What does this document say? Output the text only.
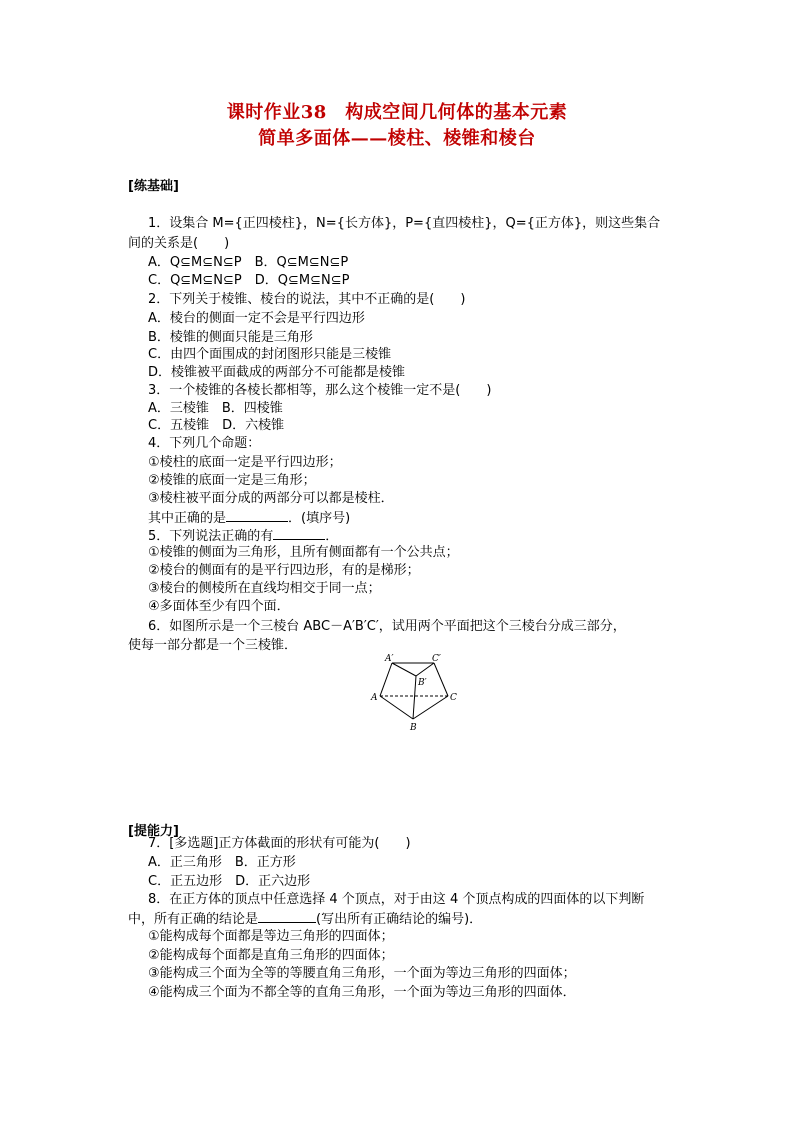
课时作业38　构成空间几何体的基本元素
简单多面体——棱柱、棱锥和棱台
[练基础]
1．设集合 M={正四棱柱}，N={长方体}，P={直四棱柱}，Q={正方体}，则这些集合
间的关系是(　　)
A．Q⊆M⊆N⊆P　B．Q⊆M⊆N⊆P
C．Q⊆M⊆N⊆P　D．Q⊆M⊆N⊆P
2．下列关于棱锥、棱台的说法，其中不正确的是(　　)
A．棱台的侧面一定不会是平行四边形
B．棱锥的侧面只能是三角形
C．由四个面围成的封闭图形只能是三棱锥
D．棱锥被平面截成的两部分不可能都是棱锥
3．一个棱锥的各棱长都相等，那么这个棱锥一定不是(　　)
A．三棱锥　B．四棱锥
C．五棱锥　D．六棱锥
4．下列几个命题：
①棱柱的底面一定是平行四边形；
②棱锥的底面一定是三角形；
③棱柱被平面分成的两部分可以都是棱柱．
其中正确的是	．(填序号)
5．下列说法正确的有	．
①棱锥的侧面为三角形，且所有侧面都有一个公共点；
②棱台的侧面有的是平行四边形，有的是梯形；
③棱台的侧棱所在直线均相交于同一点；
④多面体至少有四个面．
6．如图所示是一个三棱台 ABC－A′B′C′，试用两个平面把这个三棱台分成三部分，
使每一部分都是一个三棱锥．
A′	C′
B′
A	C
B
[提能力]
7．[多选题]正方体截面的形状有可能为(　　)
A．正三角形　B．正方形
C．正五边形　D．正六边形
8．在正方体的顶点中任意选择 4 个顶点，对于由这 4 个顶点构成的四面体的以下判断
中，所有正确的结论是	(写出所有正确结论的编号)．
①能构成每个面都是等边三角形的四面体；
②能构成每个面都是直角三角形的四面体；
③能构成三个面为全等的等腰直角三角形，一个面为等边三角形的四面体；
④能构成三个面为不都全等的直角三角形，一个面为等边三角形的四面体．
